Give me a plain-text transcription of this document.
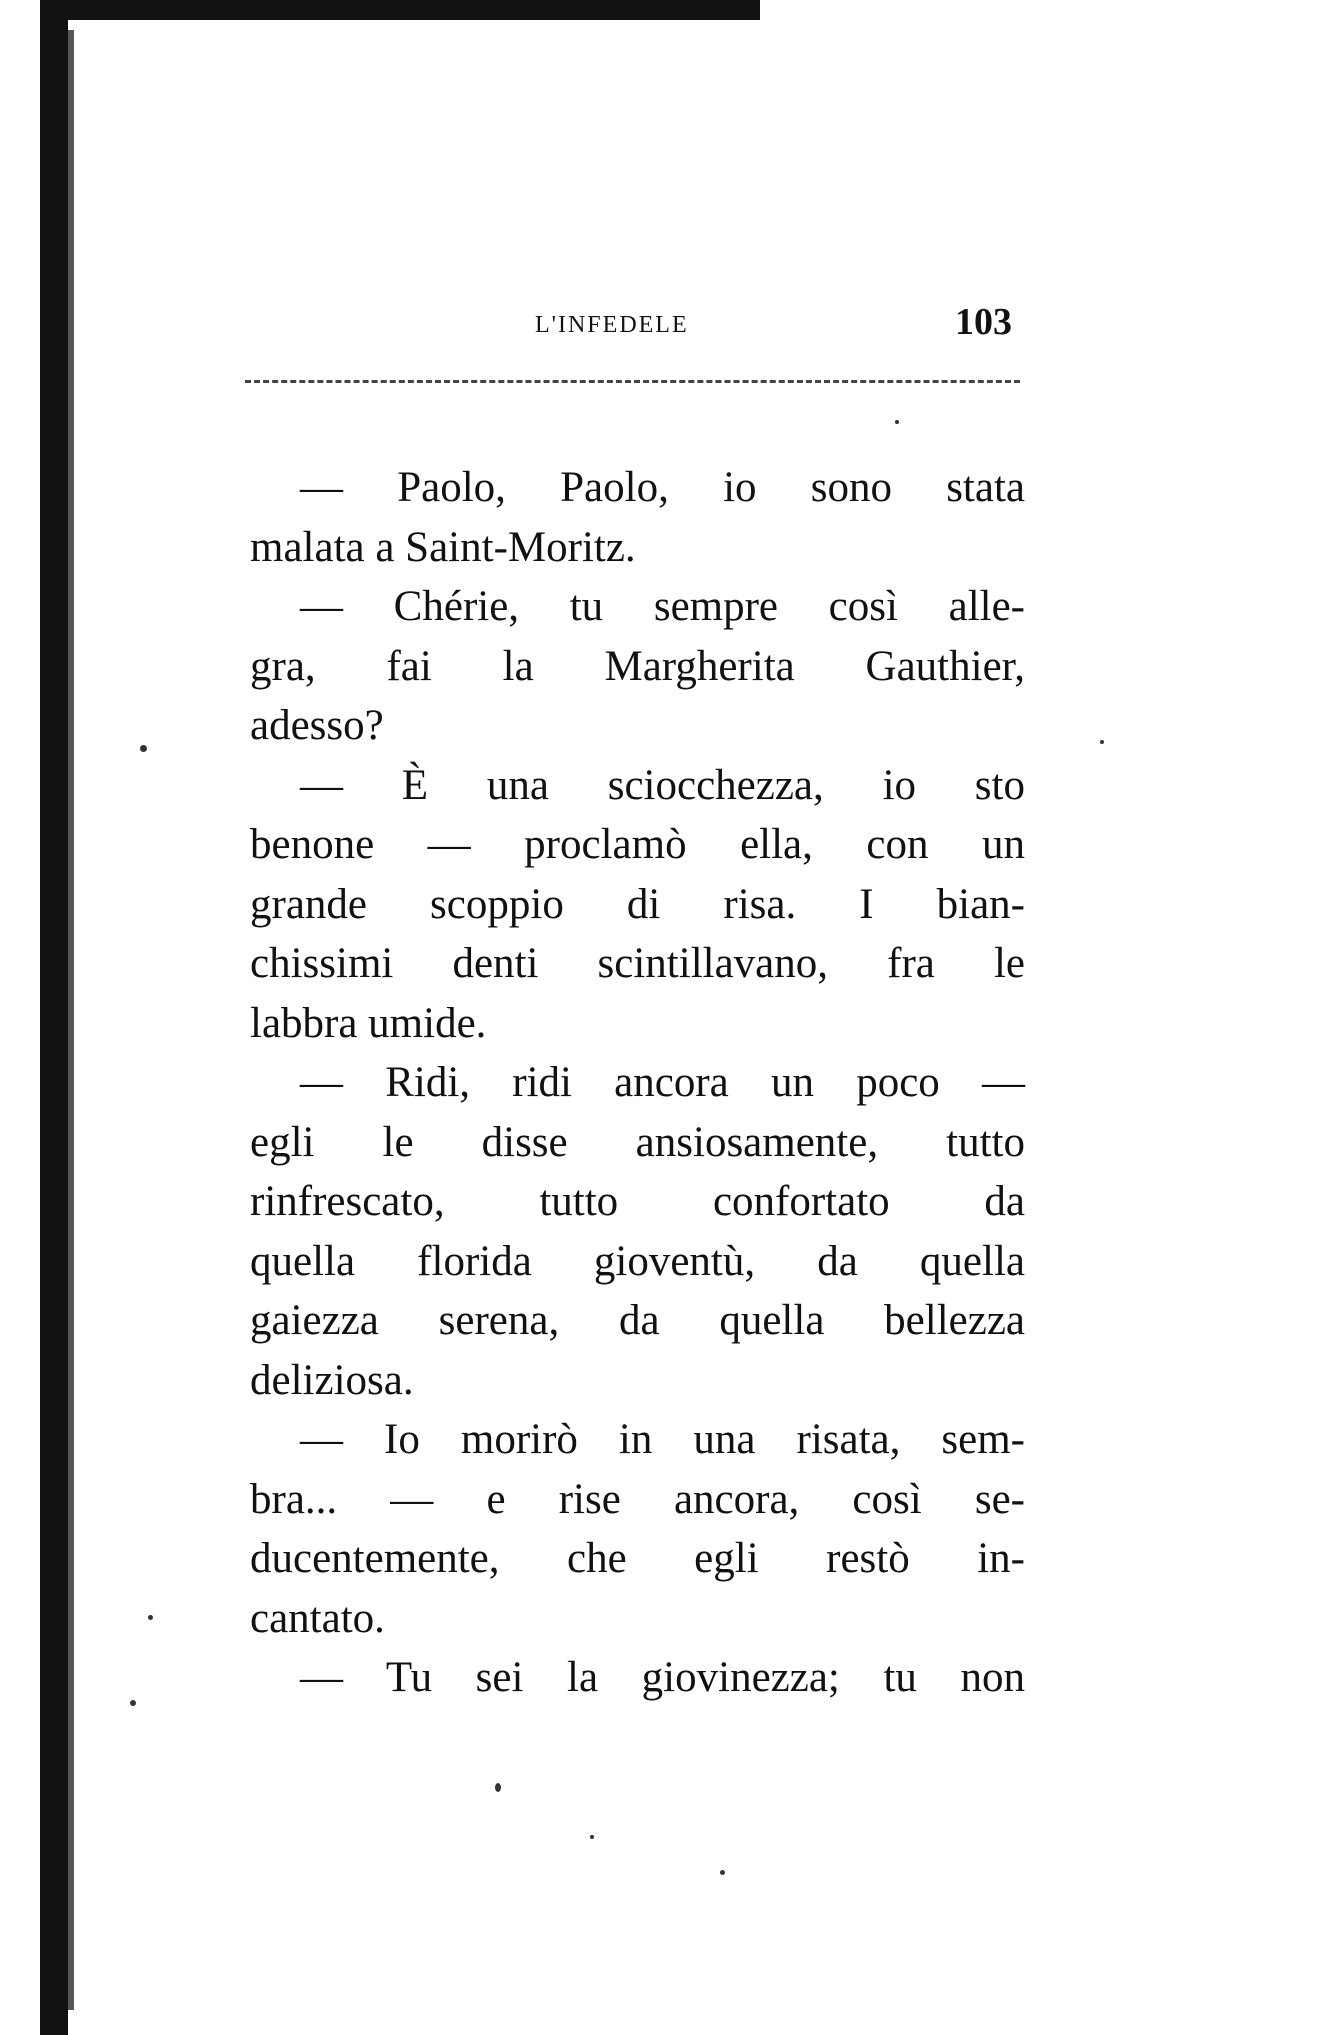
L'INFEDELE	103
— Paolo, Paolo, io sono stata
malata a Saint-Moritz.
— Chérie, tu sempre così alle-
gra, fai la Margherita Gauthier,
adesso?
— È una sciocchezza, io sto
benone — proclamò ella, con un
grande scoppio di risa. I bian-
chissimi denti scintillavano, fra le
labbra umide.
— Ridi, ridi ancora un poco —
egli le disse ansiosamente, tutto
rinfrescato, tutto confortato da
quella florida gioventù, da quella
gaiezza serena, da quella bellezza
deliziosa.
— Io morirò in una risata, sem-
bra... — e rise ancora, così se-
ducentemente, che egli restò in-
cantato.
— Tu sei la giovinezza; tu non
